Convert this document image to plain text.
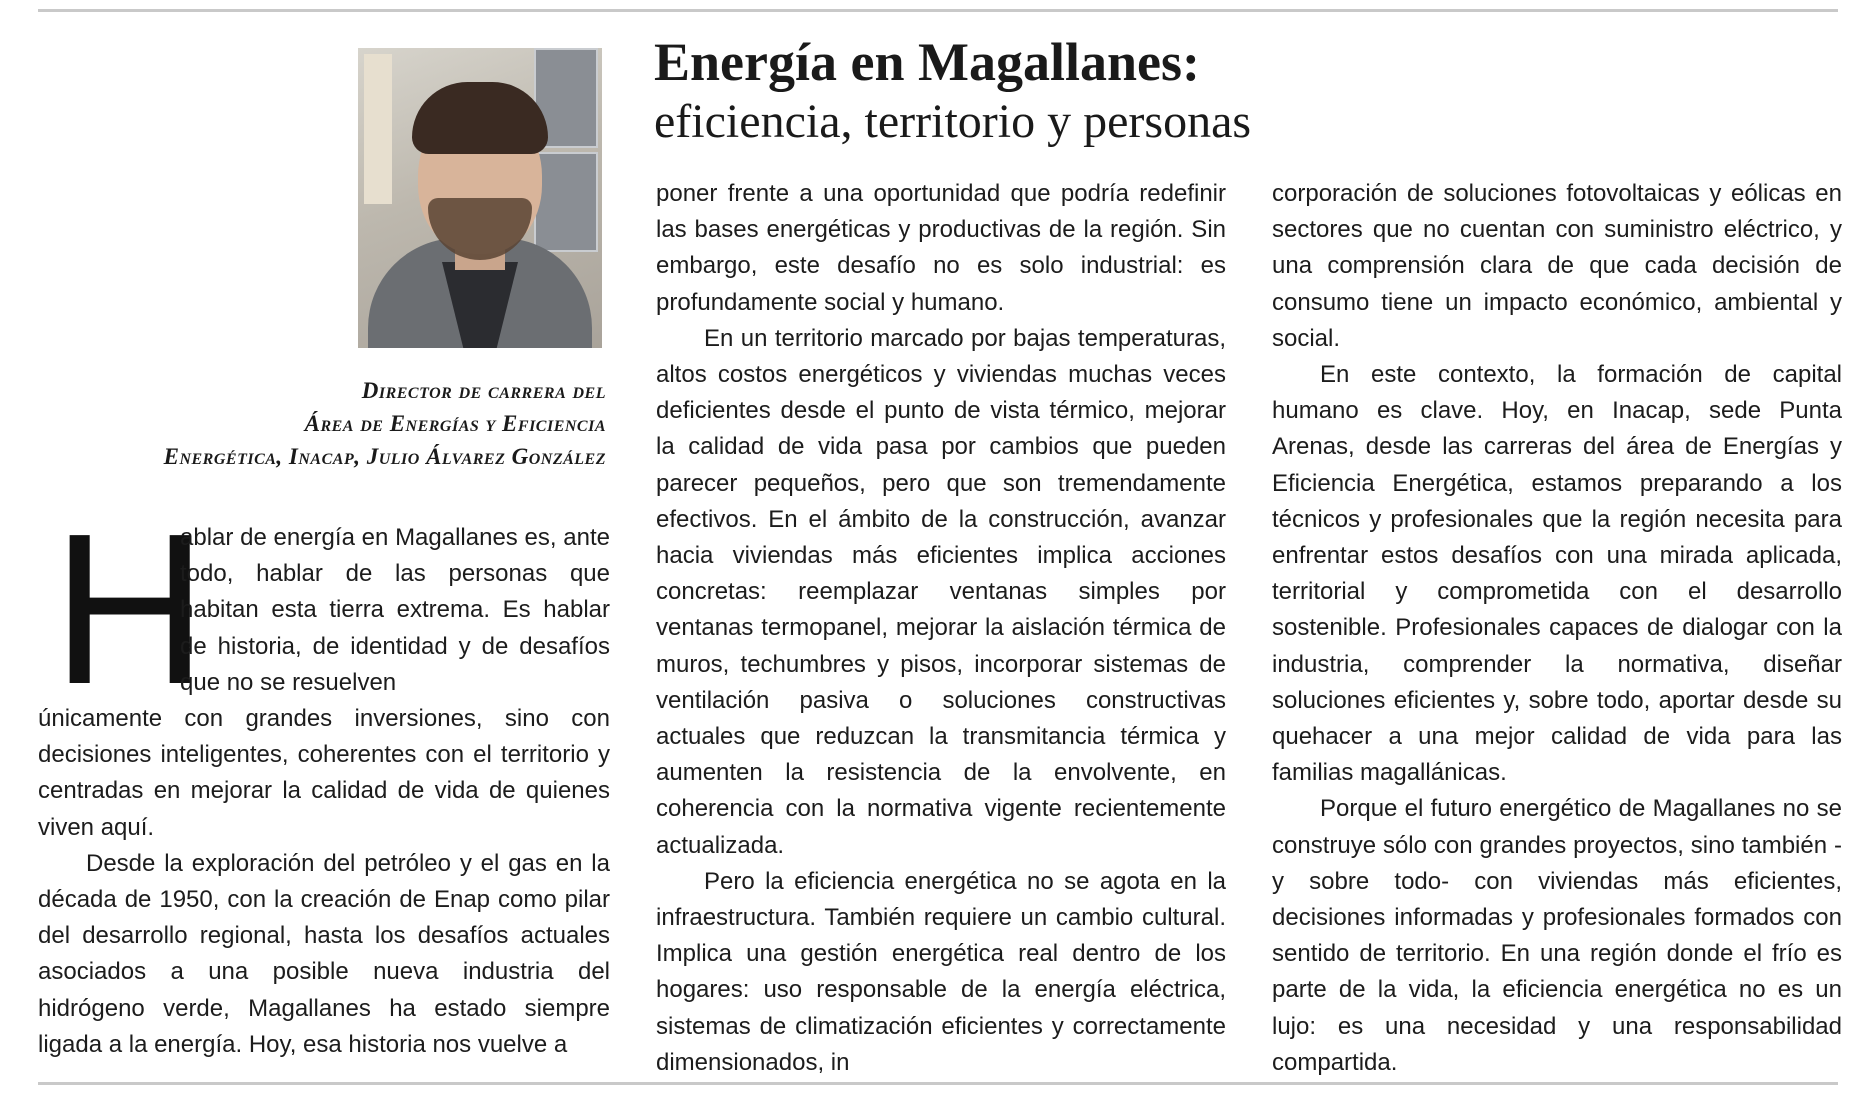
Director de carrera del
Área de Energías y Eficiencia
Energética, Inacap, Julio Álvarez González
Energía en Magallanes:
eficiencia, territorio y personas
H

ablar de energía en Magallanes es, ante todo, hablar de las personas que habitan esta tierra extrema. Es hablar de historia, de identidad y de desafíos que no se resuelven

únicamente con grandes inversiones, sino con decisiones inteligentes, coherentes con el territorio y centradas en mejorar la calidad de vida de quienes viven aquí.

Desde la exploración del petróleo y el gas en la década de 1950, con la creación de Enap como pilar del desarrollo regional, hasta los desafíos actuales asociados a una posible nueva industria del hidrógeno verde, Magallanes ha estado siempre ligada a la energía. Hoy, esa historia nos vuelve a

poner frente a una oportunidad que podría redefinir las bases energéticas y productivas de la región. Sin embargo, este desafío no es solo industrial: es profundamente social y humano.

En un territorio marcado por bajas temperaturas, altos costos energéticos y viviendas muchas veces deficientes desde el punto de vista térmico, mejorar la calidad de vida pasa por cambios que pueden parecer pequeños, pero que son tremendamente efectivos. En el ámbito de la construcción, avanzar hacia viviendas más eficientes implica acciones concretas: reemplazar ventanas simples por ventanas termopanel, mejorar la aislación térmica de muros, techumbres y pisos, incorporar sistemas de ventilación pasiva o soluciones constructivas actuales que reduzcan la transmitancia térmica y aumenten la resistencia de la envolvente, en coherencia con la normativa vigente recientemente actualizada.

Pero la eficiencia energética no se agota en la infraestructura. También requiere un cambio cultural. Implica una gestión energética real dentro de los hogares: uso responsable de la energía eléctrica, sistemas de climatización eficientes y correctamente dimensionados, in

corporación de soluciones fotovoltaicas y eólicas en sectores que no cuentan con suministro eléctrico, y una comprensión clara de que cada decisión de consumo tiene un impacto económico, ambiental y social.

En este contexto, la formación de capital humano es clave. Hoy, en Inacap, sede Punta Arenas, desde las carreras del área de Energías y Eficiencia Energética, estamos preparando a los técnicos y profesionales que la región necesita para enfrentar estos desafíos con una mirada aplicada, territorial y comprometida con el desarrollo sostenible. Profesionales capaces de dialogar con la industria, comprender la normativa, diseñar soluciones eficientes y, sobre todo, aportar desde su quehacer a una mejor calidad de vida para las familias magallánicas.

Porque el futuro energético de Magallanes no se construye sólo con grandes proyectos, sino también -y sobre todo- con viviendas más eficientes, decisiones informadas y profesionales formados con sentido de territorio. En una región donde el frío es parte de la vida, la eficiencia energética no es un lujo: es una necesidad y una responsabilidad compartida.
